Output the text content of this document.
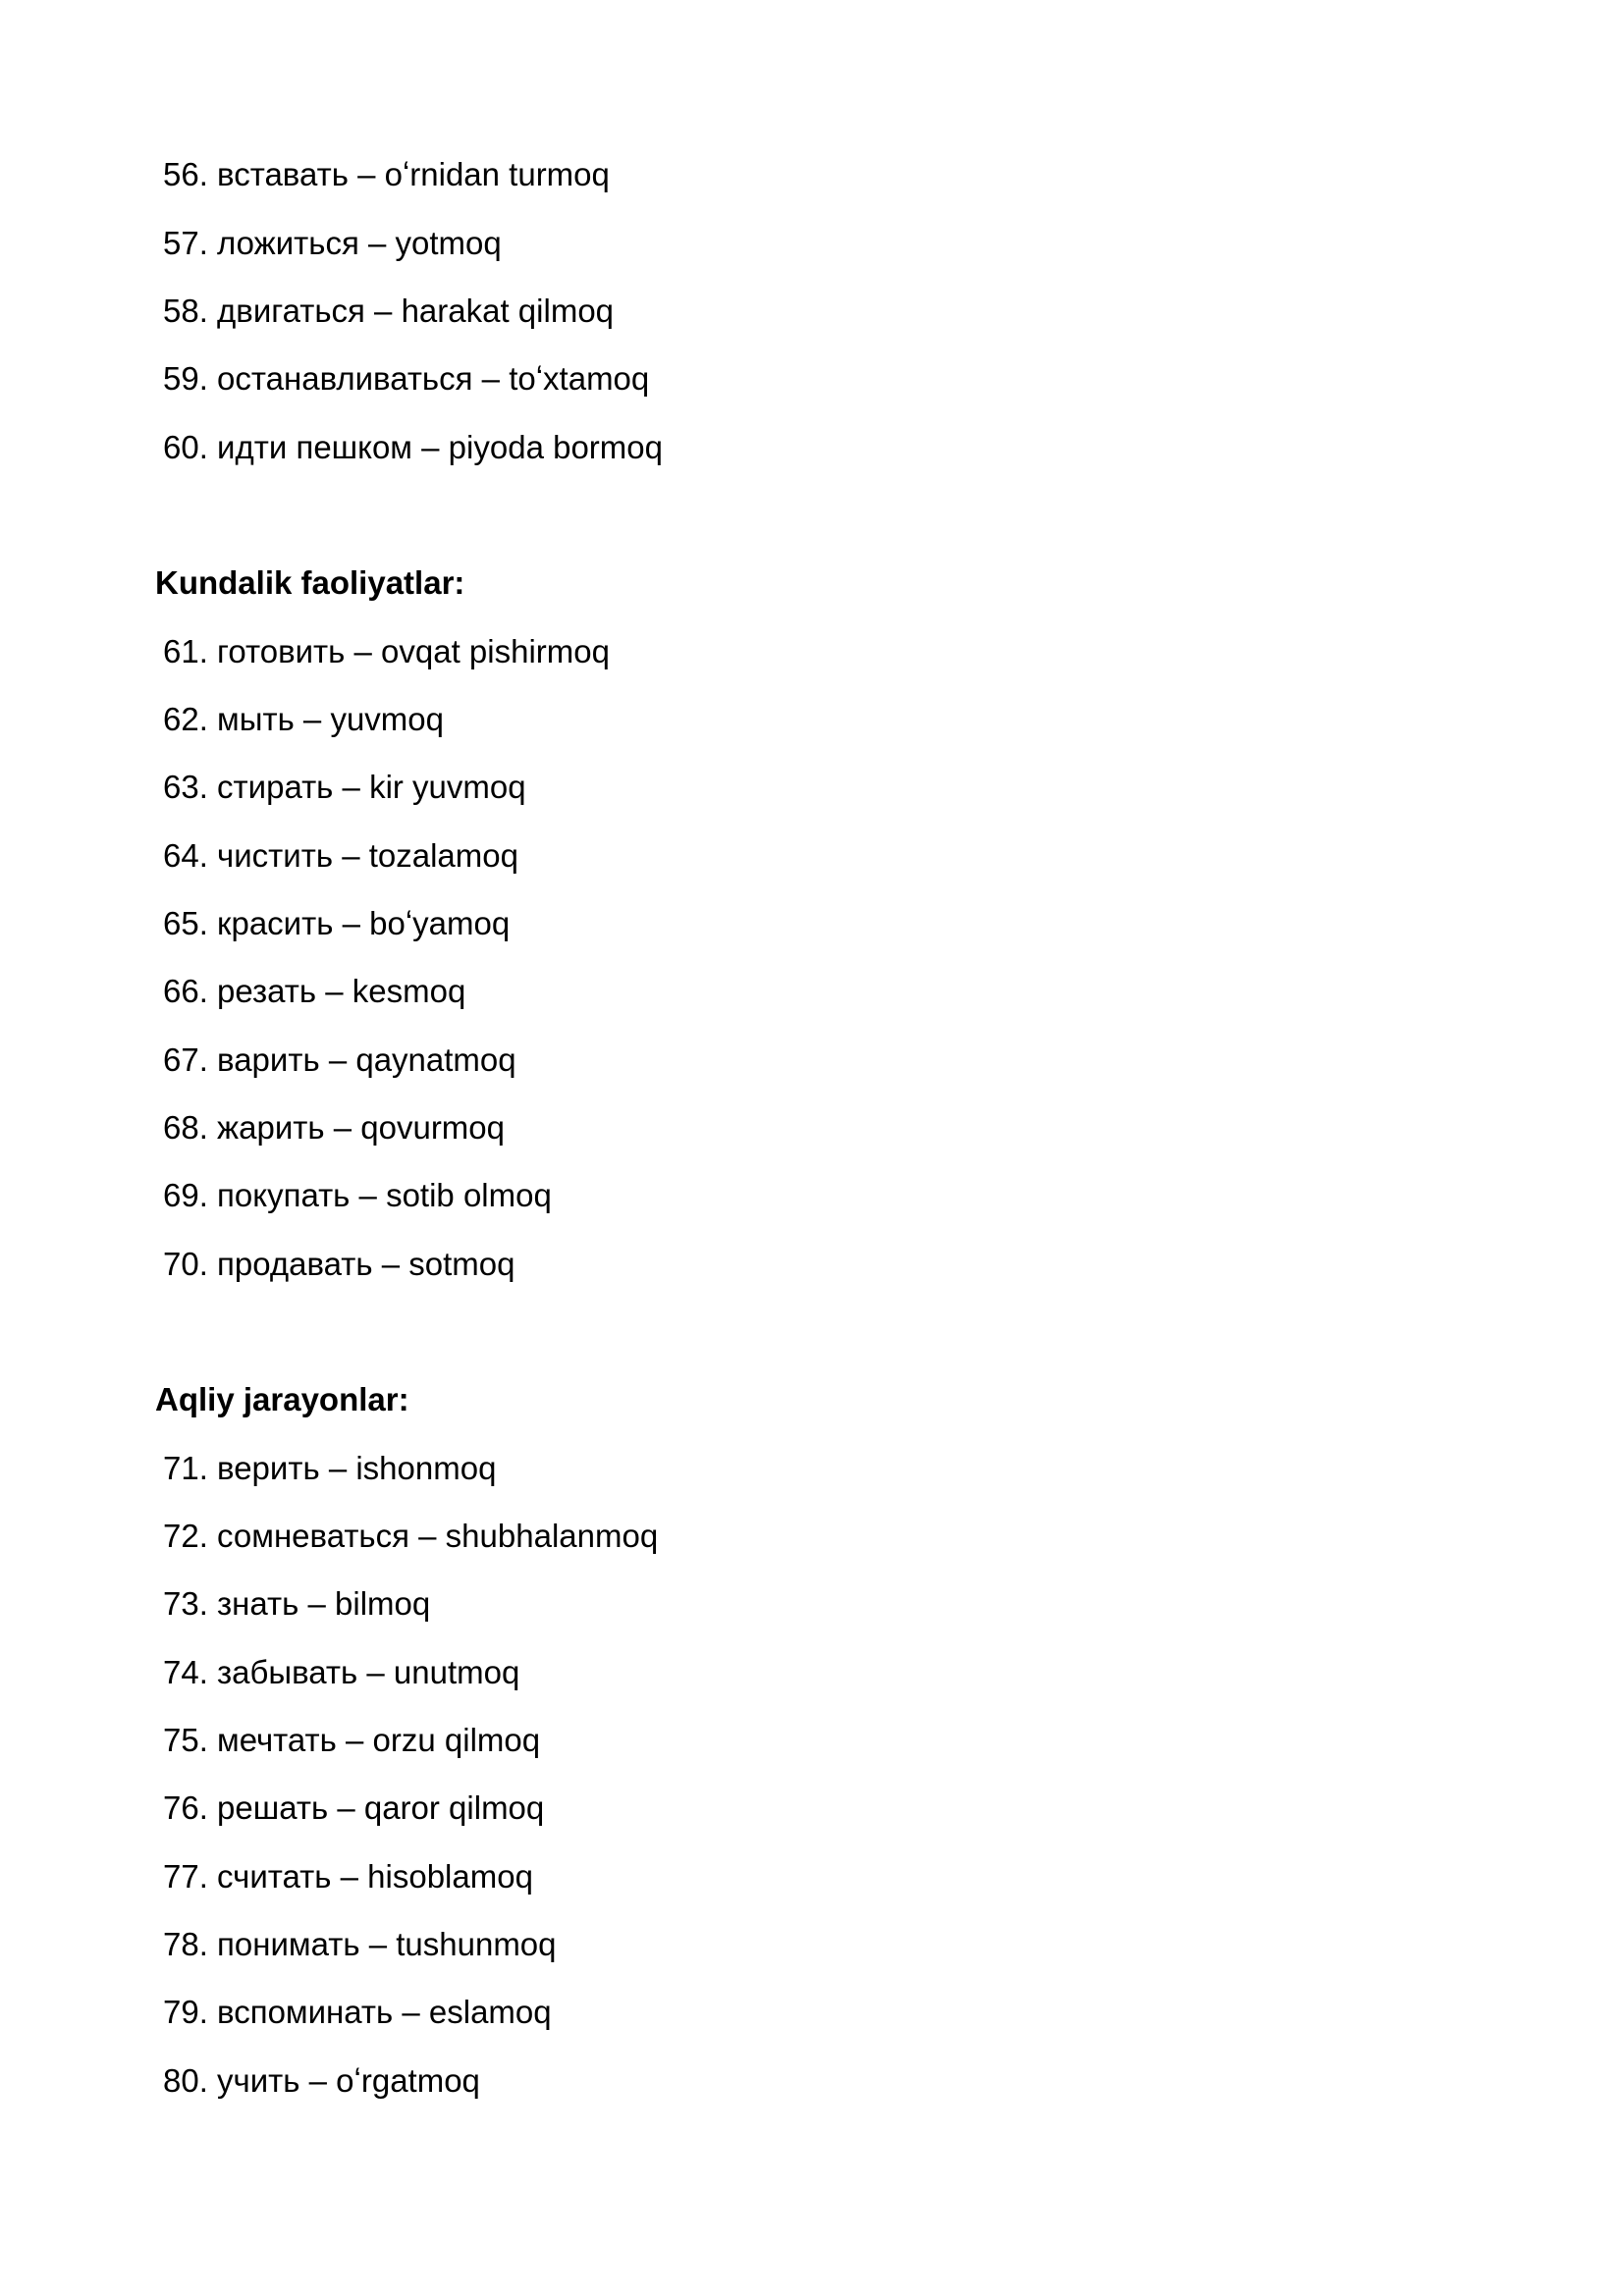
56. вставать – oʻrnidan turmoq
57. ложиться – yotmoq
58. двигаться – harakat qilmoq
59. останавливаться – toʻxtamoq
60. идти пешком – piyoda bormoq
Kundalik faoliyatlar:
61. готовить – ovqat pishirmoq
62. мыть – yuvmoq
63. стирать – kir yuvmoq
64. чистить – tozalamoq
65. красить – boʻyamoq
66. резать – kesmoq
67. варить – qaynatmoq
68. жарить – qovurmoq
69. покупать – sotib olmoq
70. продавать – sotmoq
Aqliy jarayonlar:
71. верить – ishonmoq
72. сомневаться – shubhalanmoq
73. знать – bilmoq
74. забывать – unutmoq
75. мечтать – orzu qilmoq
76. решать – qaror qilmoq
77. считать – hisoblamoq
78. понимать – tushunmoq
79. вспоминать – eslamoq
80. учить – oʻrgatmoq
